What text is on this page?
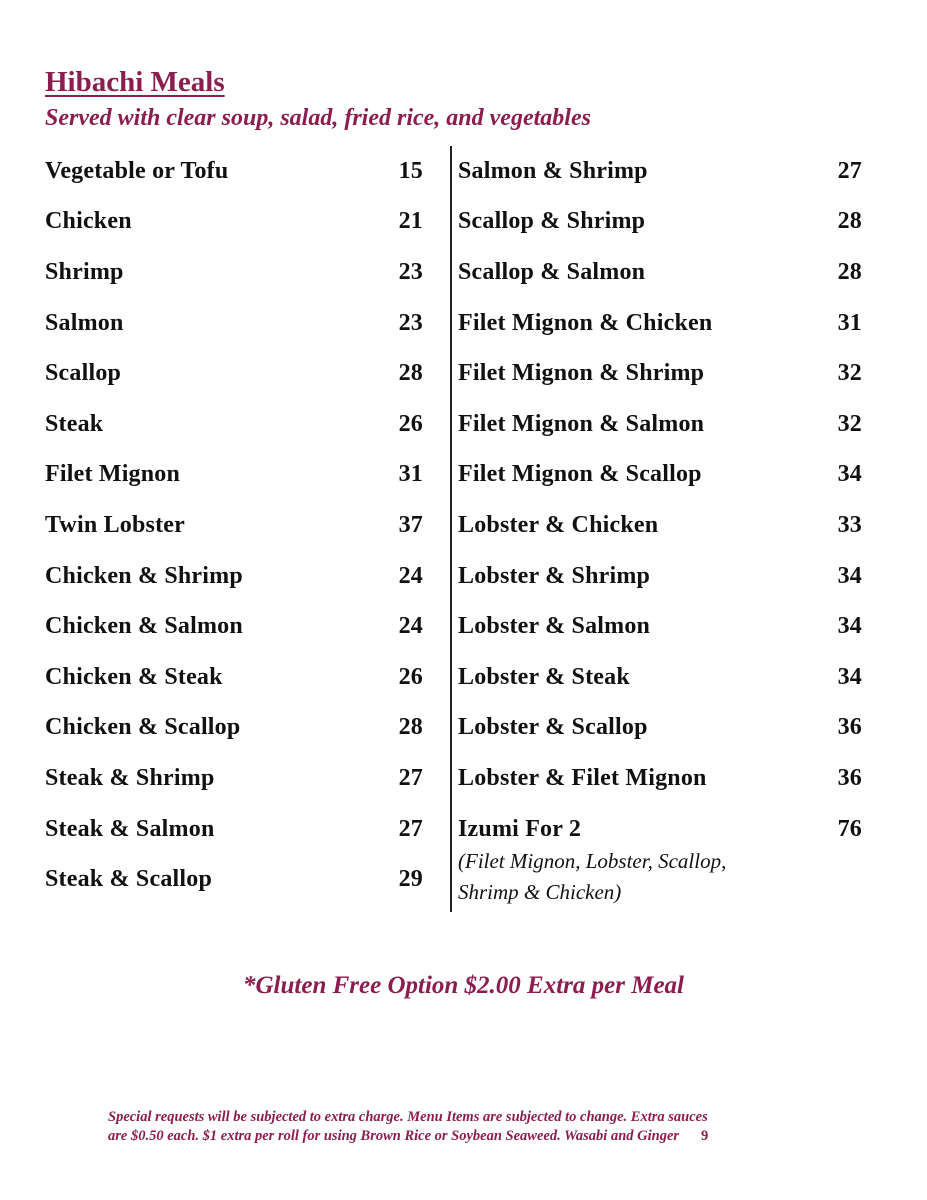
Hibachi Meals
Served with clear soup, salad, fried rice, and vegetables
Vegetable or Tofu	15
Chicken	21
Shrimp	23
Salmon	23
Scallop	28
Steak	26
Filet Mignon	31
Twin Lobster	37
Chicken & Shrimp	24
Chicken & Salmon	24
Chicken & Steak	26
Chicken & Scallop	28
Steak & Shrimp	27
Steak & Salmon	27
Steak & Scallop	29
Salmon & Shrimp	27
Scallop & Shrimp	28
Scallop & Salmon	28
Filet Mignon & Chicken	31
Filet Mignon & Shrimp	32
Filet Mignon & Salmon	32
Filet Mignon & Scallop	34
Lobster & Chicken	33
Lobster & Shrimp	34
Lobster & Salmon	34
Lobster & Steak	34
Lobster & Scallop	36
Lobster & Filet Mignon	36
Izumi For 2	76
(Filet Mignon, Lobster, Scallop,
Shrimp & Chicken)
*Gluten Free Option $2.00 Extra per Meal
Special requests will be subjected to extra charge. Menu Items are subjected to change. Extra sauces
are $0.50 each. $1 extra per roll for using Brown Rice or Soybean Seaweed. Wasabi and Ginger 9
